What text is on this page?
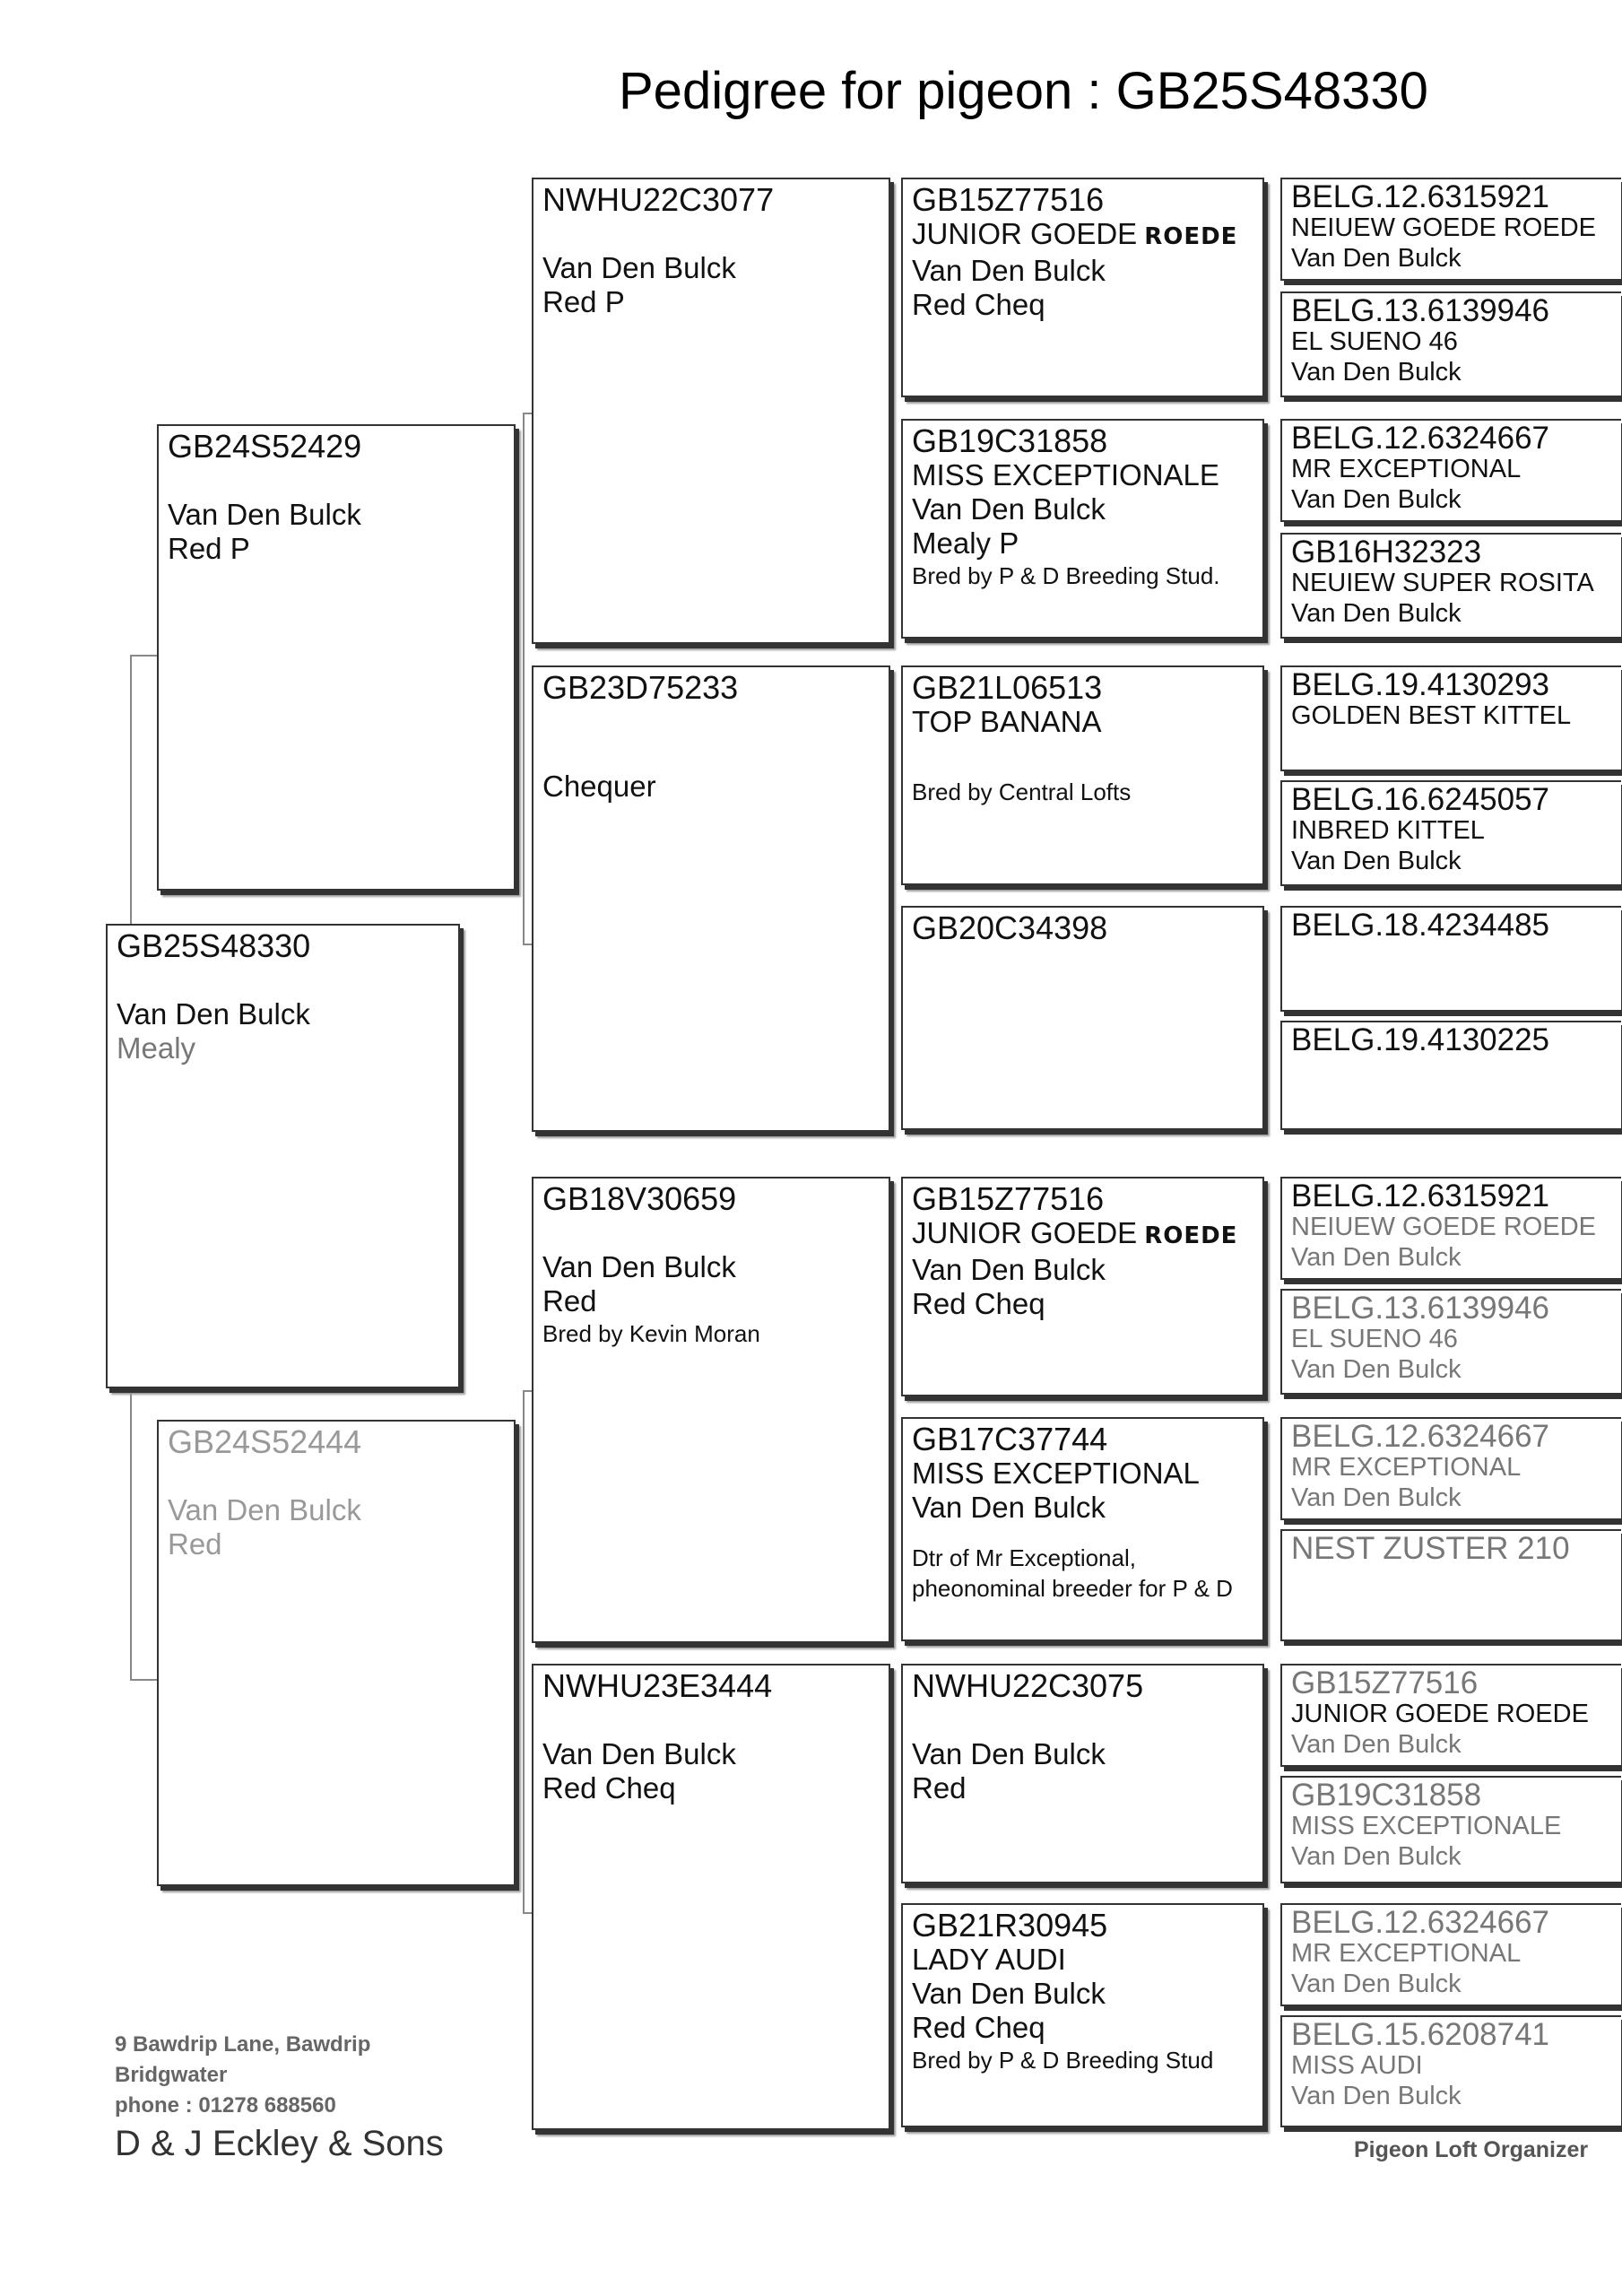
Pedigree for pigeon : GB25S48330
GB25S48330
Van Den Bulck
Mealy
GB24S52429
Van Den Bulck
Red P
GB24S52444
Van Den Bulck
Red
NWHU22C3077
Van Den Bulck
Red P
GB23D75233
Chequer
GB18V30659
Van Den Bulck
Red
Bred by Kevin Moran
NWHU23E3444
Van Den Bulck
Red Cheq
GB15Z77516
JUNIOR GOEDE ROEDE
Van Den Bulck
Red Cheq
GB19C31858
MISS EXCEPTIONALE
Van Den Bulck
Mealy P
Bred by P & D Breeding Stud.
GB21L06513
TOP BANANA
Bred by Central Lofts
GB20C34398
GB15Z77516
JUNIOR GOEDE ROEDE
Van Den Bulck
Red Cheq
GB17C37744
MISS EXCEPTIONAL
Van Den Bulck
Dtr of Mr Exceptional,
pheonominal breeder for P & D
NWHU22C3075
Van Den Bulck
Red
GB21R30945
LADY AUDI
Van Den Bulck
Red Cheq
Bred by P & D Breeding Stud
BELG.12.6315921
NEIUEW GOEDE ROEDE
Van Den Bulck
BELG.13.6139946
EL SUENO 46
Van Den Bulck
BELG.12.6324667
MR EXCEPTIONAL
Van Den Bulck
GB16H32323
NEUIEW SUPER ROSITA
Van Den Bulck
BELG.19.4130293
GOLDEN BEST KITTEL
BELG.16.6245057
INBRED KITTEL
Van Den Bulck
BELG.18.4234485
BELG.19.4130225
BELG.12.6315921
NEIUEW GOEDE ROEDE
Van Den Bulck
BELG.13.6139946
EL SUENO 46
Van Den Bulck
BELG.12.6324667
MR EXCEPTIONAL
Van Den Bulck
NEST ZUSTER 210
GB15Z77516
JUNIOR GOEDE ROEDE
Van Den Bulck
GB19C31858
MISS EXCEPTIONALE
Van Den Bulck
BELG.12.6324667
MR EXCEPTIONAL
Van Den Bulck
BELG.15.6208741
MISS AUDI
Van Den Bulck
9 Bawdrip Lane, Bawdrip
Bridgwater
phone : 01278 688560
D & J Eckley & Sons	Pigeon Loft Organizer
